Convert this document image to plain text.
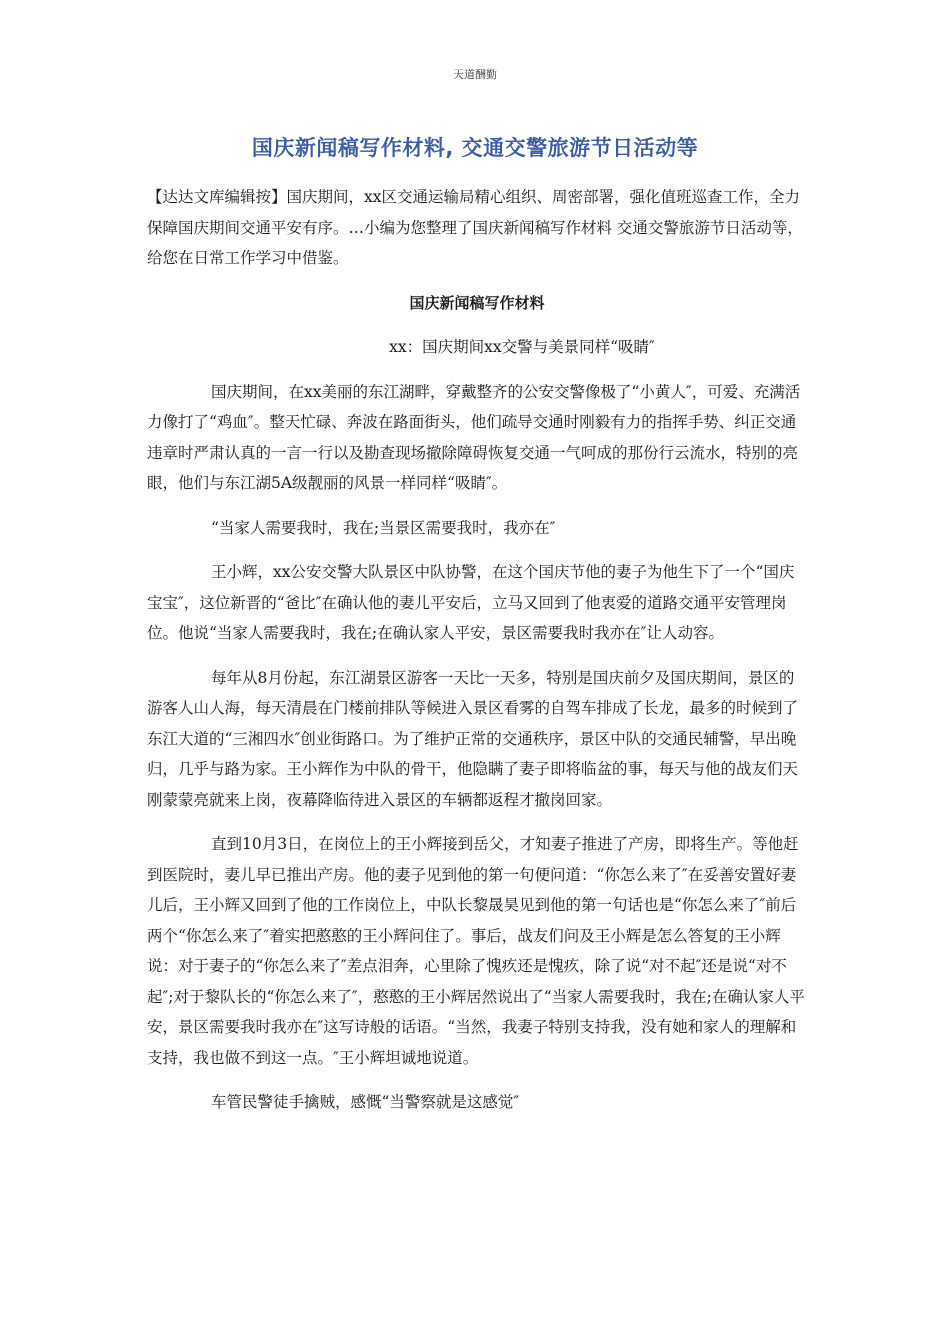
天道酬勤
国庆新闻稿写作材料, 交通交警旅游节日活动等

【达达文库编辑按】国庆期间，xx区交通运输局精心组织、周密部署，强化值班巡查工作，全力保障国庆期间交通平安有序。…小编为您整理了国庆新闻稿写作材料 交通交警旅游节日活动等，给您在日常工作学习中借鉴。

国庆新闻稿写作材料

xx：国庆期间xx交警与美景同样“吸睛″

国庆期间，在xx美丽的东江湖畔，穿戴整齐的公安交警像极了“小黄人″，可爱、充满活力像打了“鸡血″。整天忙碌、奔波在路面街头，他们疏导交通时刚毅有力的指挥手势、纠正交通违章时严肃认真的一言一行以及勘查现场撤除障碍恢复交通一气呵成的那份行云流水，特别的亮眼，他们与东江湖5A级靓丽的风景一样同样“吸睛″。

“当家人需要我时，我在;当景区需要我时，我亦在″

王小辉，xx公安交警大队景区中队协警，在这个国庆节他的妻子为他生下了一个“国庆宝宝″，这位新晋的“爸比″在确认他的妻儿平安后，立马又回到了他衷爱的道路交通平安管理岗位。他说“当家人需要我时，我在;在确认家人平安，景区需要我时我亦在″让人动容。

每年从8月份起，东江湖景区游客一天比一天多，特别是国庆前夕及国庆期间，景区的游客人山人海，每天清晨在门楼前排队等候进入景区看雾的自驾车排成了长龙，最多的时候到了东江大道的“三湘四水″创业街路口。为了维护正常的交通秩序，景区中队的交通民辅警，早出晚归，几乎与路为家。王小辉作为中队的骨干，他隐瞒了妻子即将临盆的事，每天与他的战友们天刚蒙蒙亮就来上岗，夜幕降临待进入景区的车辆都返程才撤岗回家。

直到10月3日，在岗位上的王小辉接到岳父，才知妻子推进了产房，即将生产。等他赶到医院时，妻儿早已推出产房。他的妻子见到他的第一句便问道：“你怎么来了″在妥善安置好妻儿后，王小辉又回到了他的工作岗位上，中队长黎晟昊见到他的第一句话也是“你怎么来了″前后两个“你怎么来了″着实把憨憨的王小辉问住了。事后，战友们问及王小辉是怎么答复的王小辉说：对于妻子的“你怎么来了″差点泪奔，心里除了愧疚还是愧疚，除了说“对不起″还是说“对不起″;对于黎队长的“你怎么来了″，憨憨的王小辉居然说出了“当家人需要我时，我在;在确认家人平安，景区需要我时我亦在″这写诗般的话语。“当然，我妻子特别支持我，没有她和家人的理解和支持，我也做不到这一点。″王小辉坦诚地说道。

车管民警徒手擒贼，感慨“当警察就是这感觉″
